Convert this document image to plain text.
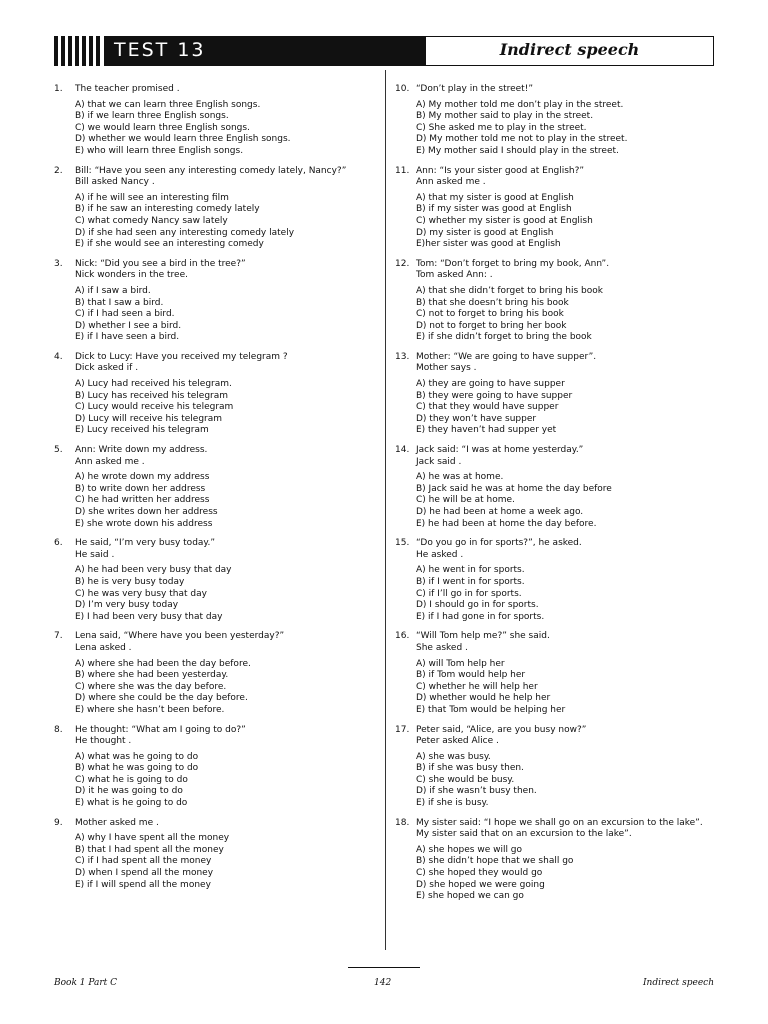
TEST 13	Indirect speech
1.	The teacher promised .
A) that we can learn three English songs.
B) if we learn three English songs.
C) we would learn three English songs.
D) whether we would learn three English songs.
E) who will learn three English songs.
2.	Bill: “Have you seen any interesting comedy lately, Nancy?”
Bill asked Nancy .
A) if he will see an interesting film
B) if he saw an interesting comedy lately
C) what comedy Nancy saw lately
D) if she had seen any interesting comedy lately
E) if she would see an interesting comedy
3.	Nick: “Did you see a bird in the tree?”
Nick wonders in the tree.
A) if I saw a bird.
B) that I saw a bird.
C) if I had seen a bird.
D) whether I see a bird.
E) if I have seen a bird.
4.	Dick to Lucy: Have you received my telegram ?
Dick asked if .
A) Lucy had received his telegram.
B) Lucy has received his telegram
C) Lucy would receive his telegram
D) Lucy will receive his telegram
E) Lucy received his telegram
5.	Ann: Write down my address.
Ann asked me .
A) he wrote down my address
B) to write down her address
C) he had written her address
D) she writes down her address
E) she wrote down his address
6.	He said, “I’m very busy today.”
He said .
A) he had been very busy that day
B) he is very busy today
C) he was very busy that day
D) I’m very busy today
E) I had been very busy that day
7.	Lena said, “Where have you been yesterday?”
Lena asked .
A) where she had been the day before.
B) where she had been yesterday.
C) where she was the day before.
D) where she could be the day before.
E) where she hasn’t been before.
8.	He thought: “What am I going to do?”
He thought .
A) what was he going to do
B) what he was going to do
C) what he is going to do
D) it he was going to do
E) what is he going to do
9.	Mother asked me .
A) why I have spent all the money
B) that I had spent all the money
C) if I had spent all the money
D) when I spend all the money
E) if I will spend all the money
10. “Don’t play in the street!”
A) My mother told me don’t play in the street.
B) My mother said to play in the street.
C) She asked me to play in the street.
D) My mother told me not to play in the street.
E) My mother said I should play in the street.
11. Ann: “Is your sister good at English?”
Ann asked me .
A) that my sister is good at English
B) if my sister was good at English
C) whether my sister is good at English
D) my sister is good at English
E)her sister was good at English
12. Tom: “Don’t forget to bring my book, Ann”.
Tom asked Ann: .
A) that she didn’t forget to bring his book
B) that she doesn’t bring his book
C) not to forget to bring his book
D) not to forget to bring her book
E) if she didn’t forget to bring the book
13. Mother: “We are going to have supper”.
Mother says .
A) they are going to have supper
B) they were going to have supper
C) that they would have supper
D) they won’t have supper
E) they haven’t had supper yet
14. Jack said: “I was at home yesterday.”
Jack said .
A) he was at home.
B) Jack said he was at home the day before
C) he will be at home.
D) he had been at home a week ago.
E) he had been at home the day before.
15. “Do you go in for sports?”, he asked.
He asked .
A) he went in for sports.
B) if I went in for sports.
C) if I’ll go in for sports.
D) I should go in for sports.
E) if I had gone in for sports.
16. “Will Tom help me?” she said.
She asked .
A) will Tom help her
B) if Tom would help her
C) whether he will help her
D) whether would he help her
E) that Tom would be helping her
17. Peter said, “Alice, are you busy now?”
Peter asked Alice .
A) she was busy.
B) if she was busy then.
C) she would be busy.
D) if she wasn’t busy then.
E) if she is busy.
18. My sister said: “I hope we shall go on an excursion to the lake”.
My sister said that on an excursion to the lake”.
A) she hopes we will go
B) she didn’t hope that we shall go
C) she hoped they would go
D) she hoped we were going
E) she hoped we can go
Book 1 Part C	142	Indirect speech
